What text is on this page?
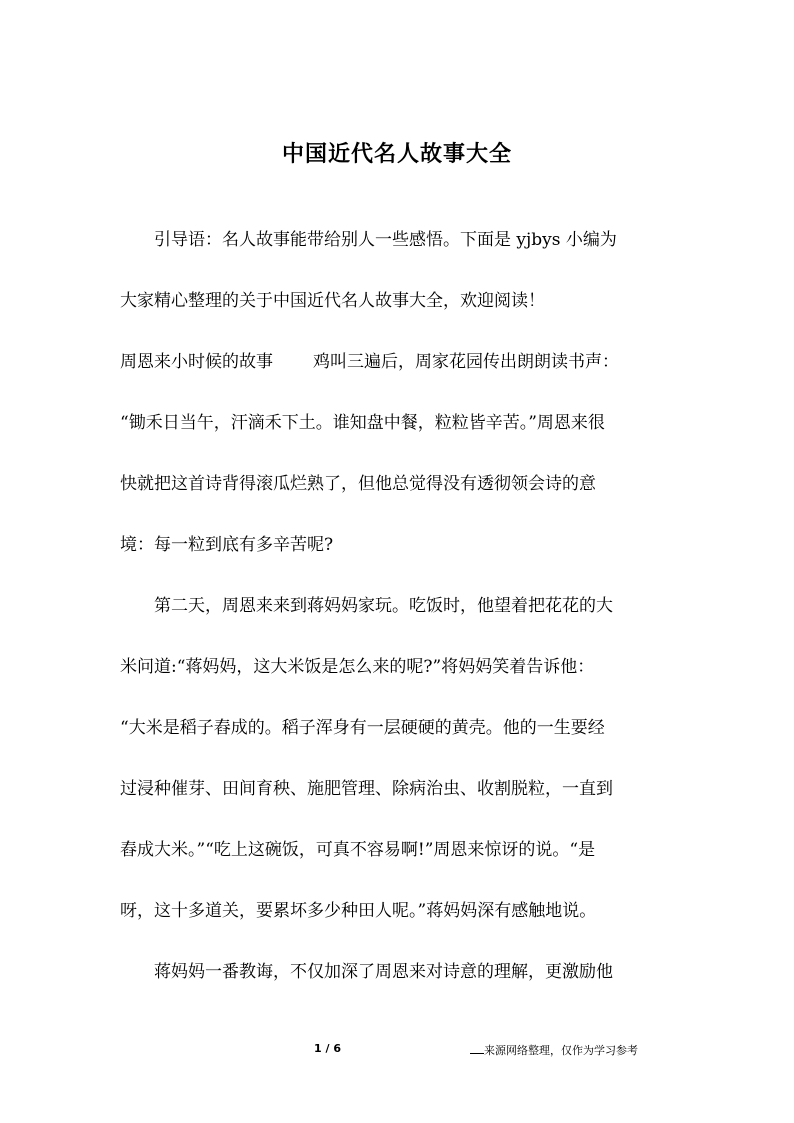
中国近代名人故事大全

引导语：名人故事能带给别人一些感悟。下面是 yjbys 小编为

大家精心整理的关于中国近代名人故事大全，欢迎阅读！

周恩来小时候的故事 鸡叫三遍后，周家花园传出朗朗读书声：

“锄禾日当午，汗滴禾下土。谁知盘中餐，粒粒皆辛苦。”周恩来很

快就把这首诗背得滚瓜烂熟了，但他总觉得没有透彻领会诗的意

境：每一粒到底有多辛苦呢?

第二天，周恩来来到蒋妈妈家玩。吃饭时，他望着把花花的大

米问道:“蒋妈妈，这大米饭是怎么来的呢?”将妈妈笑着告诉他：

“大米是稻子舂成的。稻子浑身有一层硬硬的黄壳。他的一生要经

过浸种催芽、田间育秧、施肥管理、除病治虫、收割脱粒，一直到

舂成大米。”“吃上这碗饭，可真不容易啊!”周恩来惊讶的说。“是

呀，这十多道关，要累坏多少种田人呢。”蒋妈妈深有感触地说。

蒋妈妈一番教诲，不仅加深了周恩来对诗意的理解，更激励他

1 / 6	来源网络整理，仅作为学习参考
